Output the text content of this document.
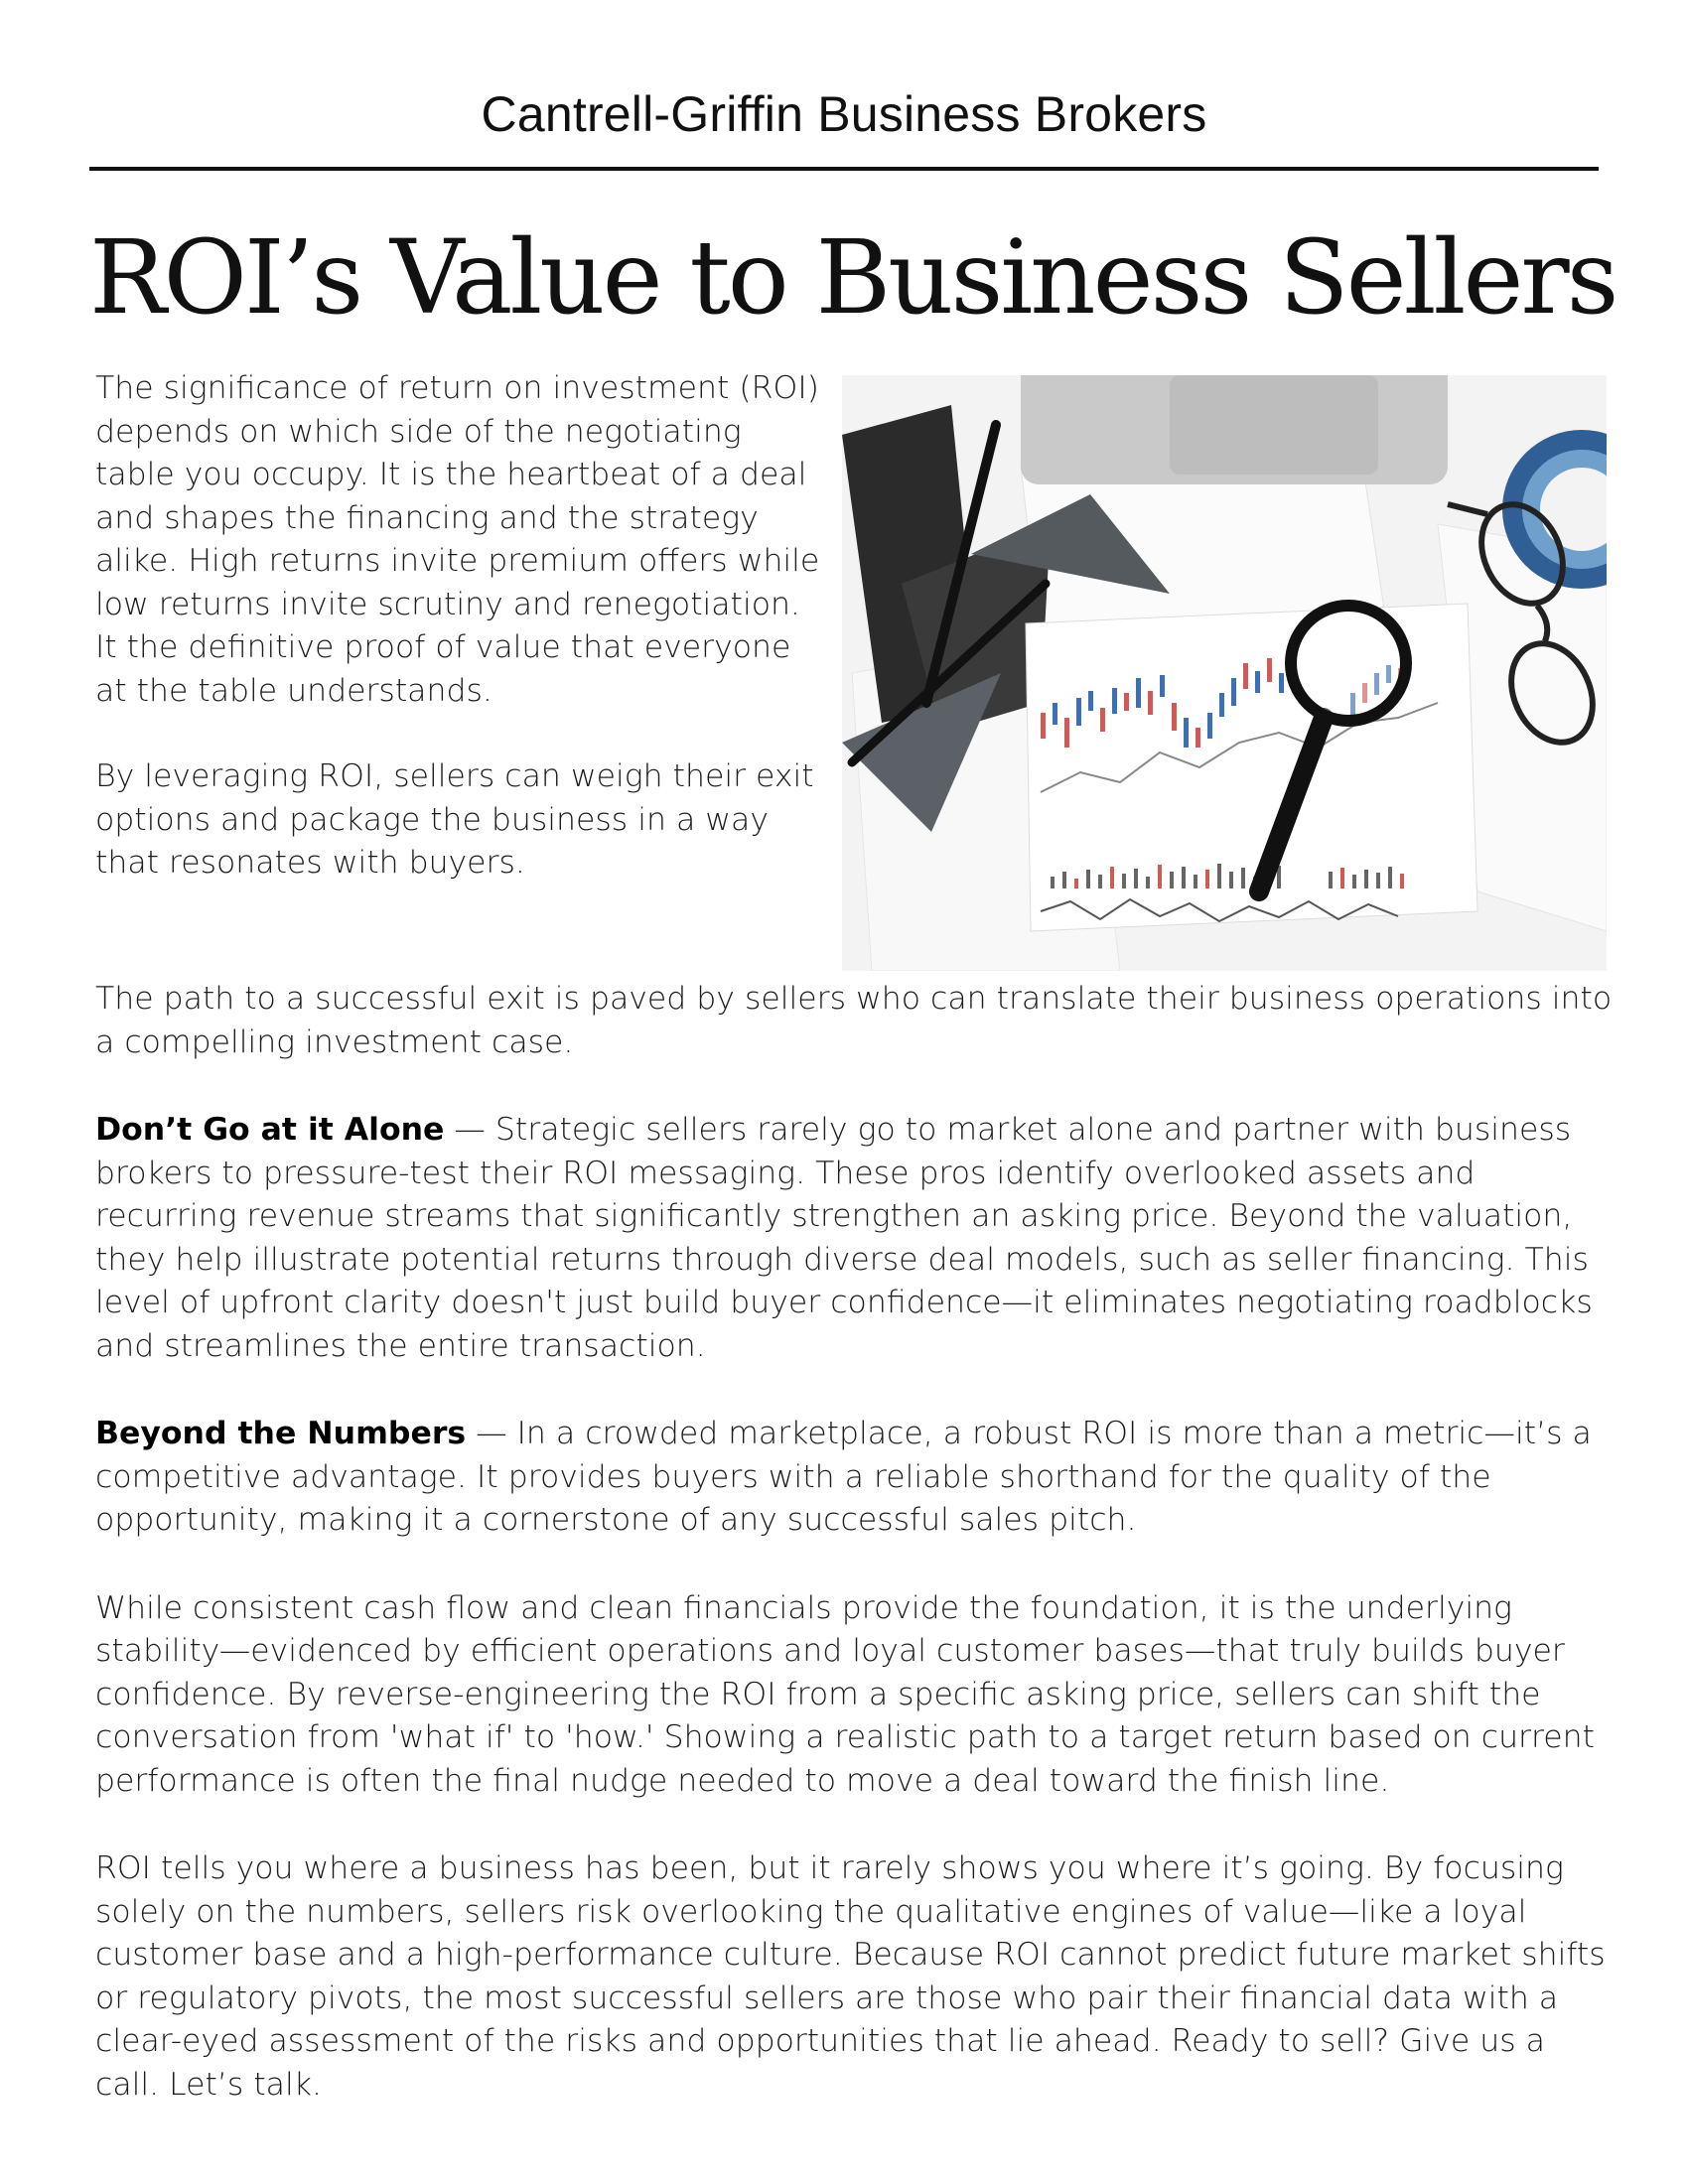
Cantrell-Griffin Business Brokers
ROI’s Value to Business Sellers

The significance of return on investment (ROI) depends on which side of the negotiating table you occupy. It is the heartbeat of a deal and shapes the financing and the strategy alike. High returns invite premium offers while low returns invite scrutiny and renegotiation. It the definitive proof of value that everyone at the table understands.

By leveraging ROI, sellers can weigh their exit options and package the business in a way that resonates with buyers.

The path to a successful exit is paved by sellers who can translate their business operations into a compelling investment case.

Don’t Go at it Alone — Strategic sellers rarely go to market alone and partner with business brokers to pressure-test their ROI messaging. These pros identify overlooked assets and recurring revenue streams that significantly strengthen an asking price. Beyond the valuation, they help illustrate potential returns through diverse deal models, such as seller financing. This level of upfront clarity doesn't just build buyer confidence—it eliminates negotiating roadblocks and streamlines the entire transaction.

Beyond the Numbers — In a crowded marketplace, a robust ROI is more than a metric—it’s a competitive advantage. It provides buyers with a reliable shorthand for the quality of the opportunity, making it a cornerstone of any successful sales pitch.

While consistent cash flow and clean financials provide the foundation, it is the underlying stability—evidenced by efficient operations and loyal customer bases—that truly builds buyer confidence. By reverse-engineering the ROI from a specific asking price, sellers can shift the conversation from 'what if' to 'how.' Showing a realistic path to a target return based on current performance is often the final nudge needed to move a deal toward the finish line.

ROI tells you where a business has been, but it rarely shows you where it’s going. By focusing solely on the numbers, sellers risk overlooking the qualitative engines of value—like a loyal customer base and a high-performance culture. Because ROI cannot predict future market shifts or regulatory pivots, the most successful sellers are those who pair their financial data with a clear-eyed assessment of the risks and opportunities that lie ahead. Ready to sell? Give us a call. Let’s talk.
